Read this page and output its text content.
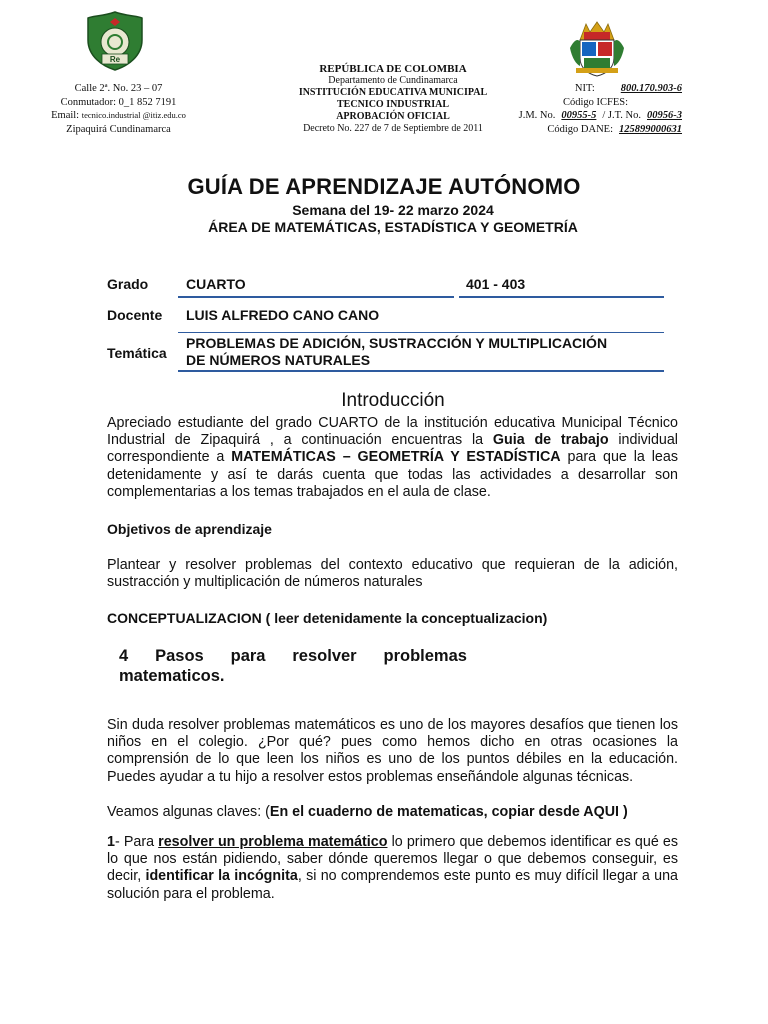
Re
Calle 2ª. No. 23 – 07
Conmutador: 0_1 852 7191
Email: tecnico.industrial @itiz.edu.co
Zipaquirá Cundinamarca
REPÚBLICA DE COLOMBIA
Departamento de Cundinamarca
INSTITUCIÓN EDUCATIVA MUNICIPAL
TECNICO INDUSTRIAL
APROBACIÓN OFICIAL
Decreto No. 227 de 7 de Septiembre de 2011
NIT: 800.170.903-6
Código ICFES:
J.M. No. 00955-5 / J.T. No. 00956-3
Código DANE: 125899000631
GUÍA DE APRENDIZAJE AUTÓNOMO
Semana del 19- 22 marzo 2024
ÁREA DE MATEMÁTICAS, ESTADÍSTICA Y GEOMETRÍA
Grado	CUARTO	401 - 403
Docente LUIS ALFREDO CANO CANO
Temática
PROBLEMAS DE ADICIÓN, SUSTRACCIÓN Y MULTIPLICACIÓN
DE NÚMEROS NATURALES
Introducción
Apreciado estudiante del grado CUARTO de la institución educativa Municipal Técnico Industrial de Zipaquirá , a continuación encuentras la Guia de trabajo individual correspondiente a MATEMÁTICAS – GEOMETRÍA Y ESTADÍSTICA para que la leas detenidamente y así te darás cuenta que todas las actividades a desarrollar son complementarias a los temas trabajados en el aula de clase.
Objetivos de aprendizaje
Plantear y resolver problemas del contexto educativo que requieran de la adición, sustracción y multiplicación de números naturales
CONCEPTUALIZACION ( leer detenidamente la conceptualizacion)
4 Pasos para resolver problemas
matematicos.
Sin duda resolver problemas matemáticos es uno de los mayores desafíos que tienen los niños en el colegio. ¿Por qué? pues como hemos dicho en otras ocasiones la comprensión de lo que leen los niños es uno de los puntos débiles en la educación. Puedes ayudar a tu hijo a resolver estos problemas enseñándole algunas técnicas.
Veamos algunas claves: (En el cuaderno de matematicas, copiar desde AQUI )
1- Para resolver un problema matemático lo primero que debemos identificar es qué es lo que nos están pidiendo, saber dónde queremos llegar o que debemos conseguir, es decir, identificar la incógnita, si no comprendemos este punto es muy difícil llegar a una solución para el problema.
